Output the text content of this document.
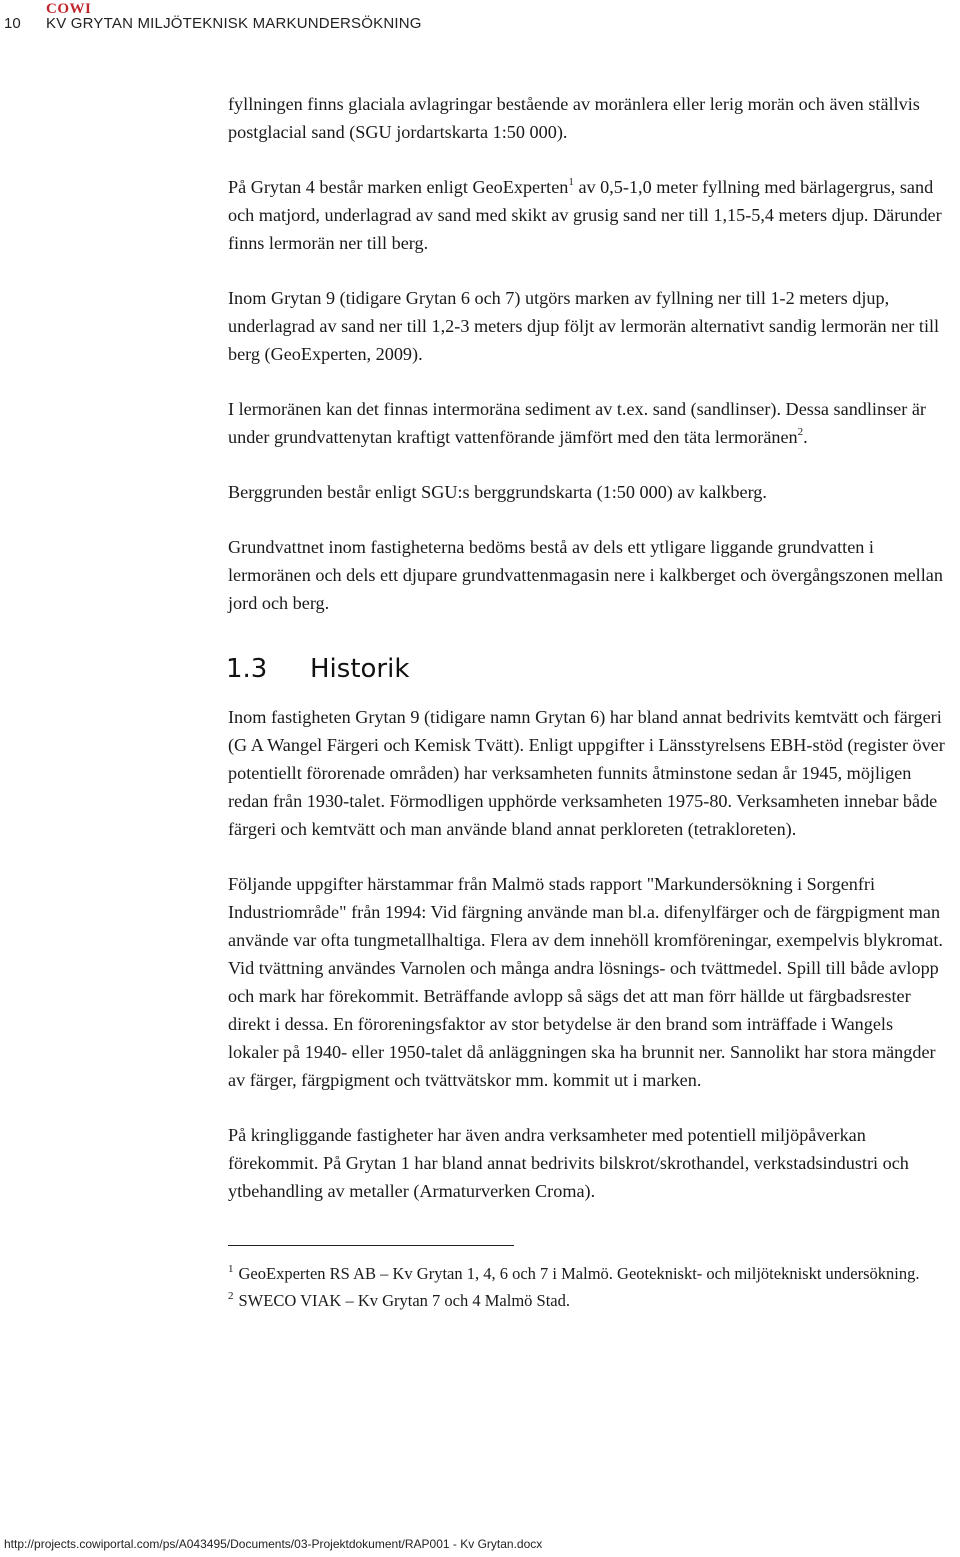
10
COWI
KV GRYTAN MILJÖTEKNISK MARKUNDERSÖKNING

fyllningen finns glaciala avlagringar bestående av moränlera eller lerig morän och även ställvis postglacial sand (SGU jordartskarta 1:50 000).

På Grytan 4 består marken enligt GeoExperten$^1$ av 0,5-1,0 meter fyllning med bärlagergrus, sand och matjord, underlagrad av sand med skikt av grusig sand ner till 1,15-5,4 meters djup. Därunder finns lermorän ner till berg.

Inom Grytan 9 (tidigare Grytan 6 och 7) utgörs marken av fyllning ner till 1-2 meters djup, underlagrad av sand ner till 1,2-3 meters djup följt av lermorän alternativt sandig lermorän ner till berg (GeoExperten, 2009).

I lermoränen kan det finnas intermoräna sediment av t.ex. sand (sandlinser). Dessa sandlinser är under grundvattenytan kraftigt vattenförande jämfört med den täta lermoränen$^2$.

Berggrunden består enligt SGU:s berggrundskarta (1:50 000) av kalkberg.

Grundvattnet inom fastigheterna bedöms bestå av dels ett ytligare liggande grundvatten i lermoränen och dels ett djupare grundvattenmagasin nere i kalkberget och övergångszonen mellan jord och berg.

1.3 Historik

Inom fastigheten Grytan 9 (tidigare namn Grytan 6) har bland annat bedrivits kemtvätt och färgeri (G A Wangel Färgeri och Kemisk Tvätt). Enligt uppgifter i Länsstyrelsens EBH-stöd (register över potentiellt förorenade områden) har verksamheten funnits åtminstone sedan år 1945, möjligen redan från 1930-talet. Förmodligen upphörde verksamheten 1975-80. Verksamheten innebar både färgeri och kemtvätt och man använde bland annat perkloreten (tetrakloreten).

Följande uppgifter härstammar från Malmö stads rapport "Markundersökning i Sorgenfri Industriområde" från 1994: Vid färgning använde man bl.a. difenylfärger och de färgpigment man använde var ofta tungmetallhaltiga. Flera av dem innehöll kromföreningar, exempelvis blykromat. Vid tvättning användes Varnolen och många andra lösnings- och tvättmedel. Spill till både avlopp och mark har förekommit. Beträffande avlopp så sägs det att man förr hällde ut färgbadsrester direkt i dessa. En föroreningsfaktor av stor betydelse är den brand som inträffade i Wangels lokaler på 1940- eller 1950-talet då anläggningen ska ha brunnit ner. Sannolikt har stora mängder av färger, färgpigment och tvättvätskor mm. kommit ut i marken.

På kringliggande fastigheter har även andra verksamheter med potentiell miljöpåverkan förekommit. På Grytan 1 har bland annat bedrivits bilskrot/skrothandel, verkstadsindustri och ytbehandling av metaller (Armaturverken Croma).

$^1$ GeoExperten RS AB – Kv Grytan 1, 4, 6 och 7 i Malmö. Geotekniskt- och miljötekniskt undersökning.

$^2$ SWECO VIAK – Kv Grytan 7 och 4 Malmö Stad.

http://projects.cowiportal.com/ps/A043495/Documents/03-Projektdokument/RAP001 - Kv Grytan.docx
